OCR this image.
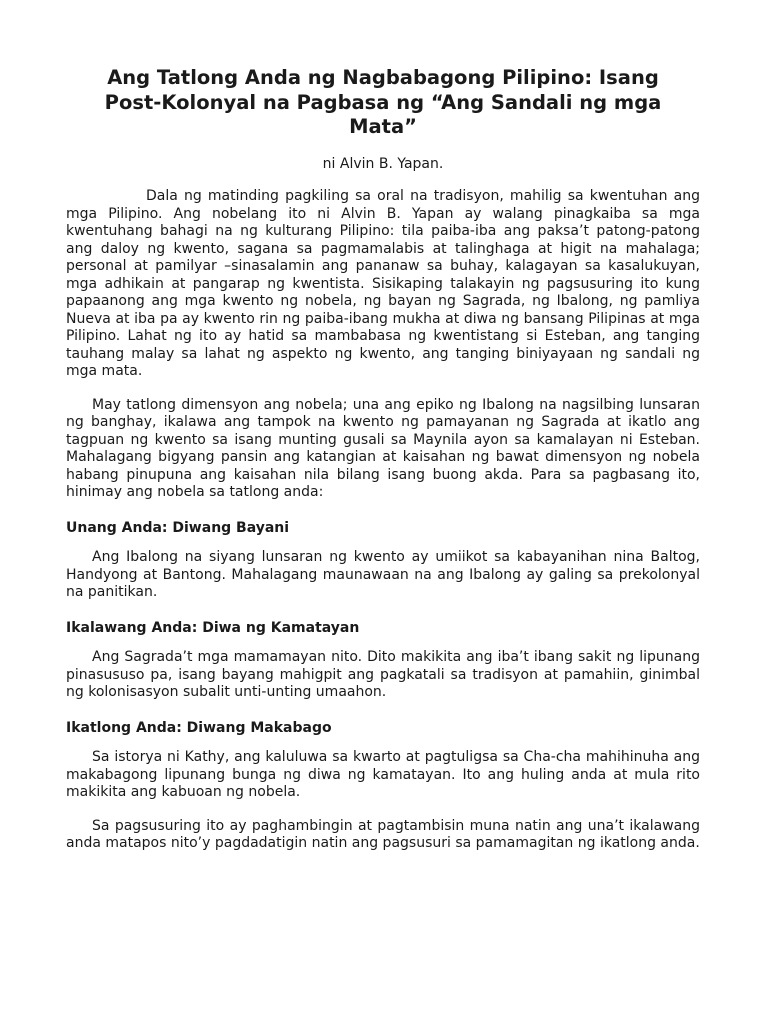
Ang Tatlong Anda ng Nagbabagong Pilipino: Isang Post-Kolonyal na Pagbasa ng “Ang Sandali ng mga Mata”

ni Alvin B. Yapan.

Dala ng matinding pagkiling sa oral na tradisyon, mahilig sa kwentuhan ang mga Pilipino. Ang nobelang ito ni Alvin B. Yapan ay walang pinagkaiba sa mga kwentuhang bahagi na ng kulturang Pilipino: tila paiba-iba ang paksa’t patong-patong ang daloy ng kwento, sagana sa pagmamalabis at talinghaga at higit na mahalaga; personal at pamilyar –sinasalamin ang pananaw sa buhay, kalagayan sa kasalukuyan, mga adhikain at pangarap ng kwentista. Sisikaping talakayin ng pagsusuring ito kung papaanong ang mga kwento ng nobela, ng bayan ng Sagrada, ng Ibalong, ng pamliya Nueva at iba pa ay kwento rin ng paiba-ibang mukha at diwa ng bansang Pilipinas at mga Pilipino. Lahat ng ito ay hatid sa mambabasa ng kwentistang si Esteban, ang tanging tauhang malay sa lahat ng aspekto ng kwento, ang tanging biniyayaan ng sandali ng mga mata.

May tatlong dimensyon ang nobela; una ang epiko ng Ibalong na nagsilbing lunsaran ng banghay, ikalawa ang tampok na kwento ng pamayanan ng Sagrada at ikatlo ang tagpuan ng kwento sa isang munting gusali sa Maynila ayon sa kamalayan ni Esteban. Mahalagang bigyang pansin ang katangian at kaisahan ng bawat dimensyon ng nobela habang pinupuna ang kaisahan nila bilang isang buong akda. Para sa pagbasang ito, hinimay ang nobela sa tatlong anda:

Unang Anda: Diwang Bayani

Ang Ibalong na siyang lunsaran ng kwento ay umiikot sa kabayanihan nina Baltog, Handyong at Bantong. Mahalagang maunawaan na ang Ibalong ay galing sa prekolonyal na panitikan.

Ikalawang Anda: Diwa ng Kamatayan

Ang Sagrada’t mga mamamayan nito. Dito makikita ang iba’t ibang sakit ng lipunang pinasususo pa, isang bayang mahigpit ang pagkatali sa tradisyon at pamahiin, ginimbal ng kolonisasyon subalit unti-unting umaahon.

Ikatlong Anda: Diwang Makabago

Sa istorya ni Kathy, ang kaluluwa sa kwarto at pagtuligsa sa Cha-cha mahihinuha ang makabagong lipunang bunga ng diwa ng kamatayan. Ito ang huling anda at mula rito makikita ang kabuoan ng nobela.

Sa pagsusuring ito ay paghambingin at pagtambisin muna natin ang una’t ikalawang anda matapos nito’y pagdadatigin natin ang pagsusuri sa pamamagitan ng ikatlong anda.
